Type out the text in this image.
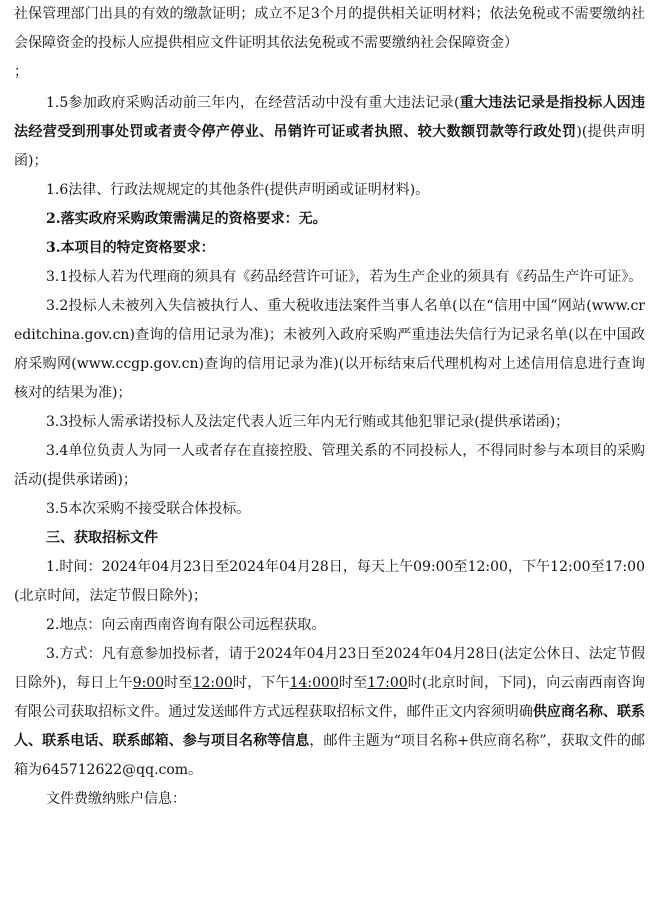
社保管理部门出具的有效的缴款证明；成立不足3个月的提供相关证明材料；依法免税或不需要缴纳社会保障资金的投标人应提供相应文件证明其依法免税或不需要缴纳社会保障资金）

；

1.5参加政府采购活动前三年内，在经营活动中没有重大违法记录(重大违法记录是指投标人因违法经营受到刑事处罚或者责令停产停业、吊销许可证或者执照、较大数额罚款等行政处罚)(提供声明函)；

1.6法律、行政法规规定的其他条件(提供声明函或证明材料)。

2.落实政府采购政策需满足的资格要求：无。

3.本项目的特定资格要求：

3.1投标人若为代理商的须具有《药品经营许可证》，若为生产企业的须具有《药品生产许可证》。

3.2投标人未被列入失信被执行人、重大税收违法案件当事人名单(以在“信用中国”网站(www.creditchina.gov.cn)查询的信用记录为准)；未被列入政府采购严重违法失信行为记录名单(以在中国政府采购网(www.ccgp.gov.cn)查询的信用记录为准)(以开标结束后代理机构对上述信用信息进行查询核对的结果为准)；

3.3投标人需承诺投标人及法定代表人近三年内无行贿或其他犯罪记录(提供承诺函)；

3.4单位负责人为同一人或者存在直接控股、管理关系的不同投标人，不得同时参与本项目的采购活动(提供承诺函)；

3.5本次采购不接受联合体投标。

三、获取招标文件

1.时间：2024年04月23日至2024年04月28日，每天上午09:00至12:00，下午12:00至17:00(北京时间，法定节假日除外)；

2.地点：向云南西南咨询有限公司远程获取。

3.方式：凡有意参加投标者，请于2024年04月23日至2024年04月28日(法定公休日、法定节假日除外)，每日上午9:00时至12:00时，下午14:000时至17:00时(北京时间，下同)，向云南西南咨询有限公司获取招标文件。通过发送邮件方式远程获取招标文件，邮件正文内容须明确供应商名称、联系人、联系电话、联系邮箱、参与项目名称等信息，邮件主题为“项目名称+供应商名称”，获取文件的邮箱为645712622@qq.com。

文件费缴纳账户信息：
